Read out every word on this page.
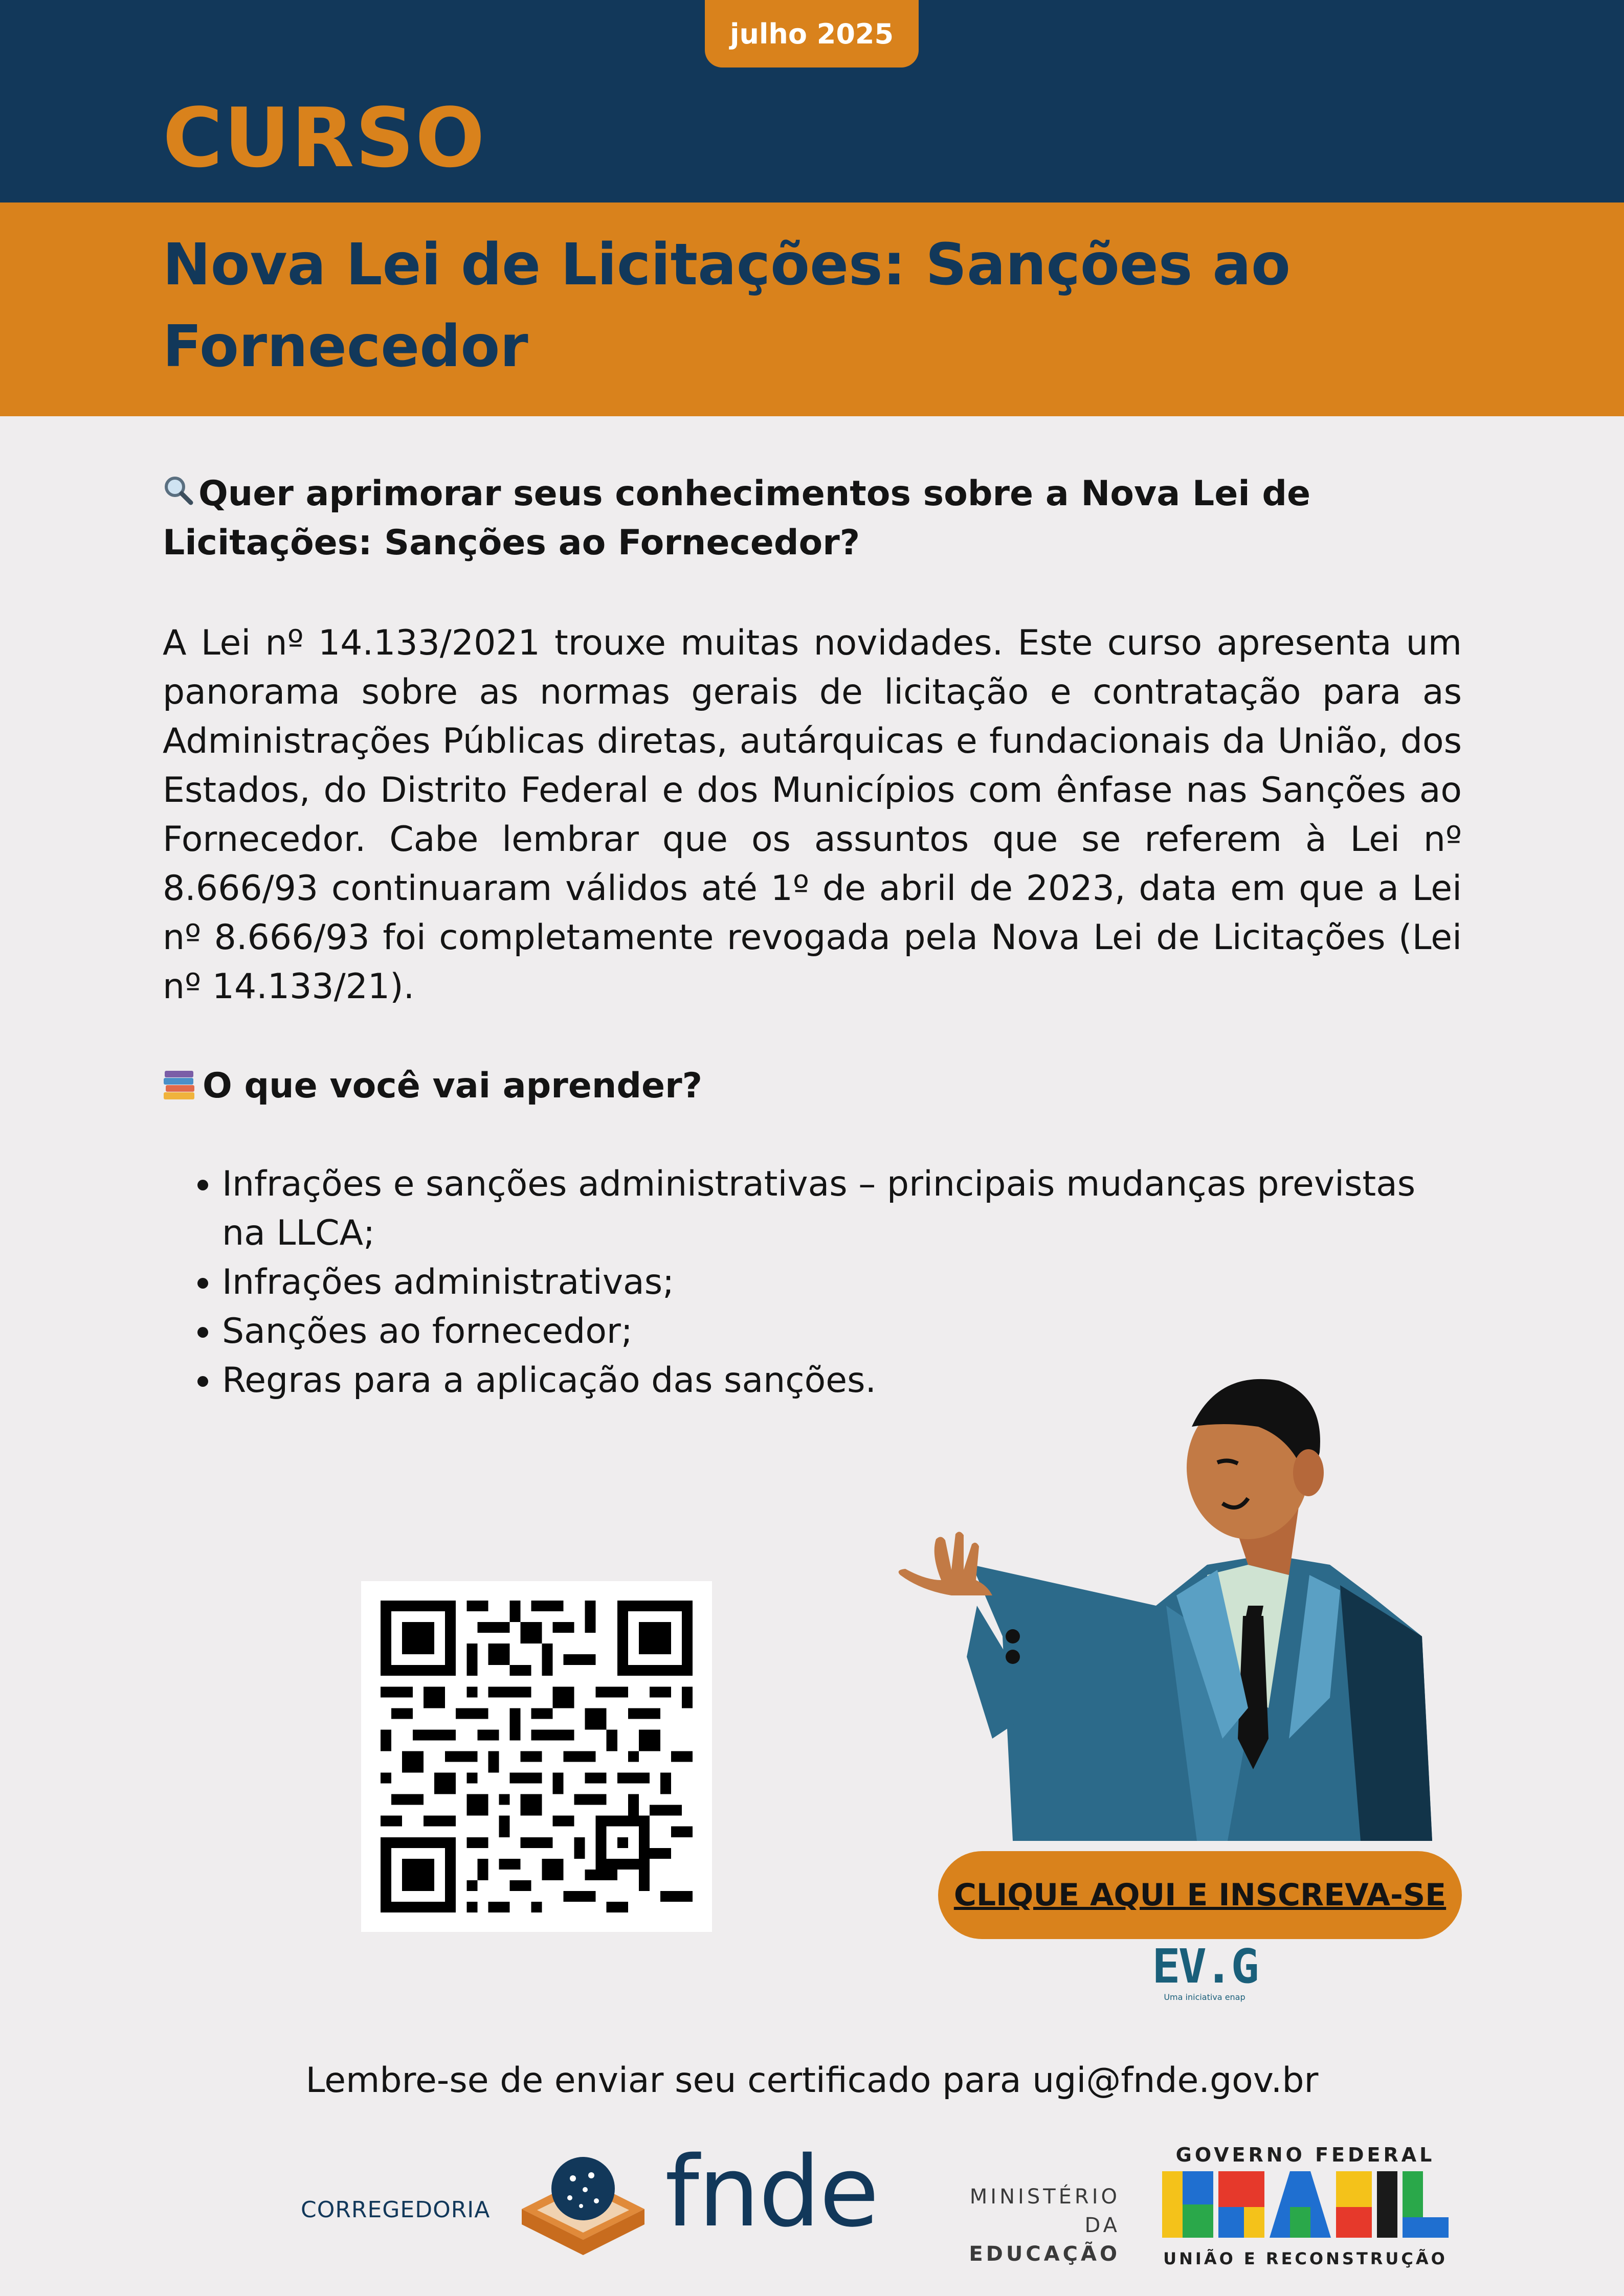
julho 2025
CURSO
Nova Lei de Licitações: Sanções ao Fornecedor
Quer aprimorar seus conhecimentos sobre a Nova Lei de Licitações: Sanções ao Fornecedor?
A Lei nº 14.133/2021 trouxe muitas novidades. Este curso apresenta um panorama sobre as normas gerais de licitação e contratação para as Administrações Públicas diretas, autárquicas e fundacionais da União, dos Estados, do Distrito Federal e dos Municípios com ênfase nas Sanções ao Fornecedor. Cabe lembrar que os assuntos que se referem à Lei nº 8.666/93 continuaram válidos até 1º de abril de 2023, data em que a Lei nº 8.666/93 foi completamente revogada pela Nova Lei de Licitações (Lei nº 14.133/21).
O que você vai aprender?
• Infrações e sanções administrativas – principais mudanças previstas na LLCA;
• Infrações administrativas;
• Sanções ao fornecedor;
• Regras para a aplicação das sanções.
CLIQUE AQUI E INSCREVA-SE
EV.G
Uma iniciativa enap
Lembre-se de enviar seu certificado para ugi@fnde.gov.br
CORREGEDORIA fnde	MINISTÉRIO DA
EDUCAÇÃO
GOVERNO FEDERAL
UNIÃO E RECONSTRUÇÃO
